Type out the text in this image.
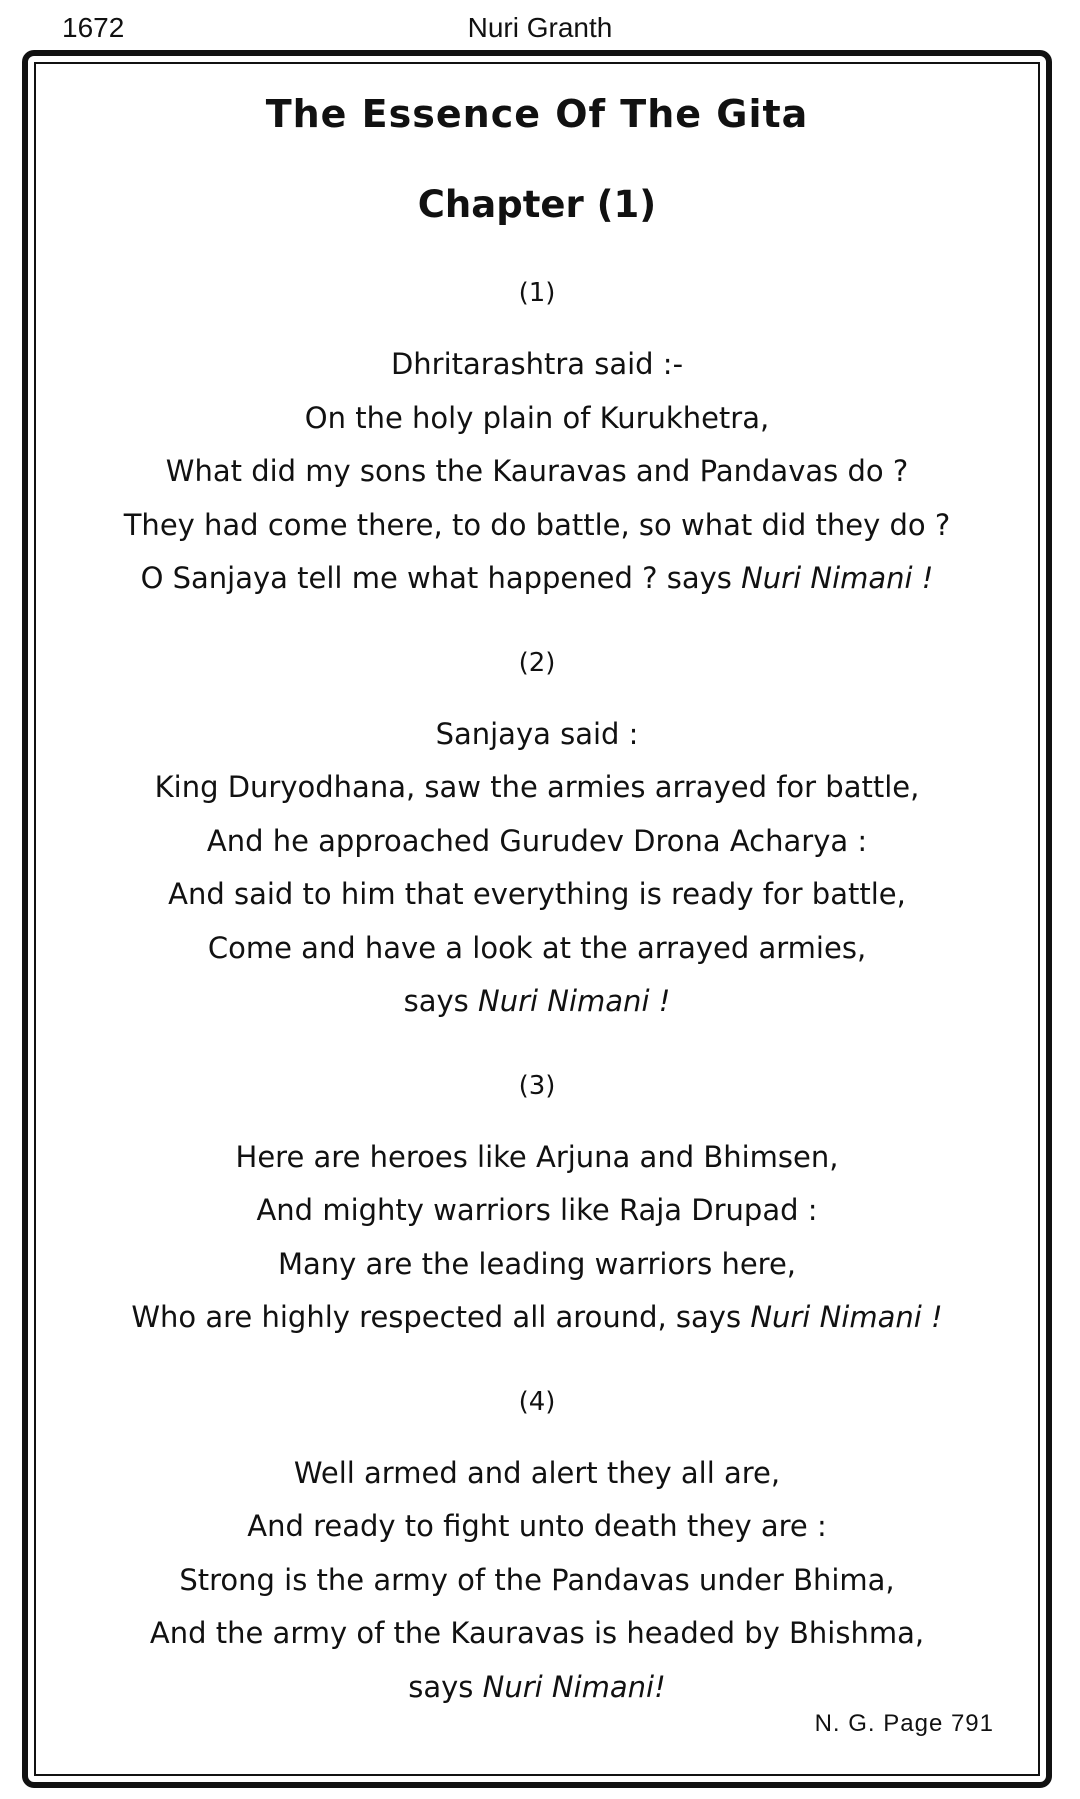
1672	Nuri Granth
The Essence Of The Gita
Chapter (1)
(1)
Dhritarashtra said :-
On the holy plain of Kurukhetra,
What did my sons the Kauravas and Pandavas do ?
They had come there, to do battle, so what did they do ?
O Sanjaya tell me what happened ? says Nuri Nimani !
(2)
Sanjaya said :
King Duryodhana, saw the armies arrayed for battle,
And he approached Gurudev Drona Acharya :
And said to him that everything is ready for battle,
Come and have a look at the arrayed armies,
says Nuri Nimani !
(3)
Here are heroes like Arjuna and Bhimsen,
And mighty warriors like Raja Drupad :
Many are the leading warriors here,
Who are highly respected all around, says Nuri Nimani !
(4)
Well armed and alert they all are,
And ready to fight unto death they are :
Strong is the army of the Pandavas under Bhima,
And the army of the Kauravas is headed by Bhishma,
says Nuri Nimani!
N. G. Page 791
